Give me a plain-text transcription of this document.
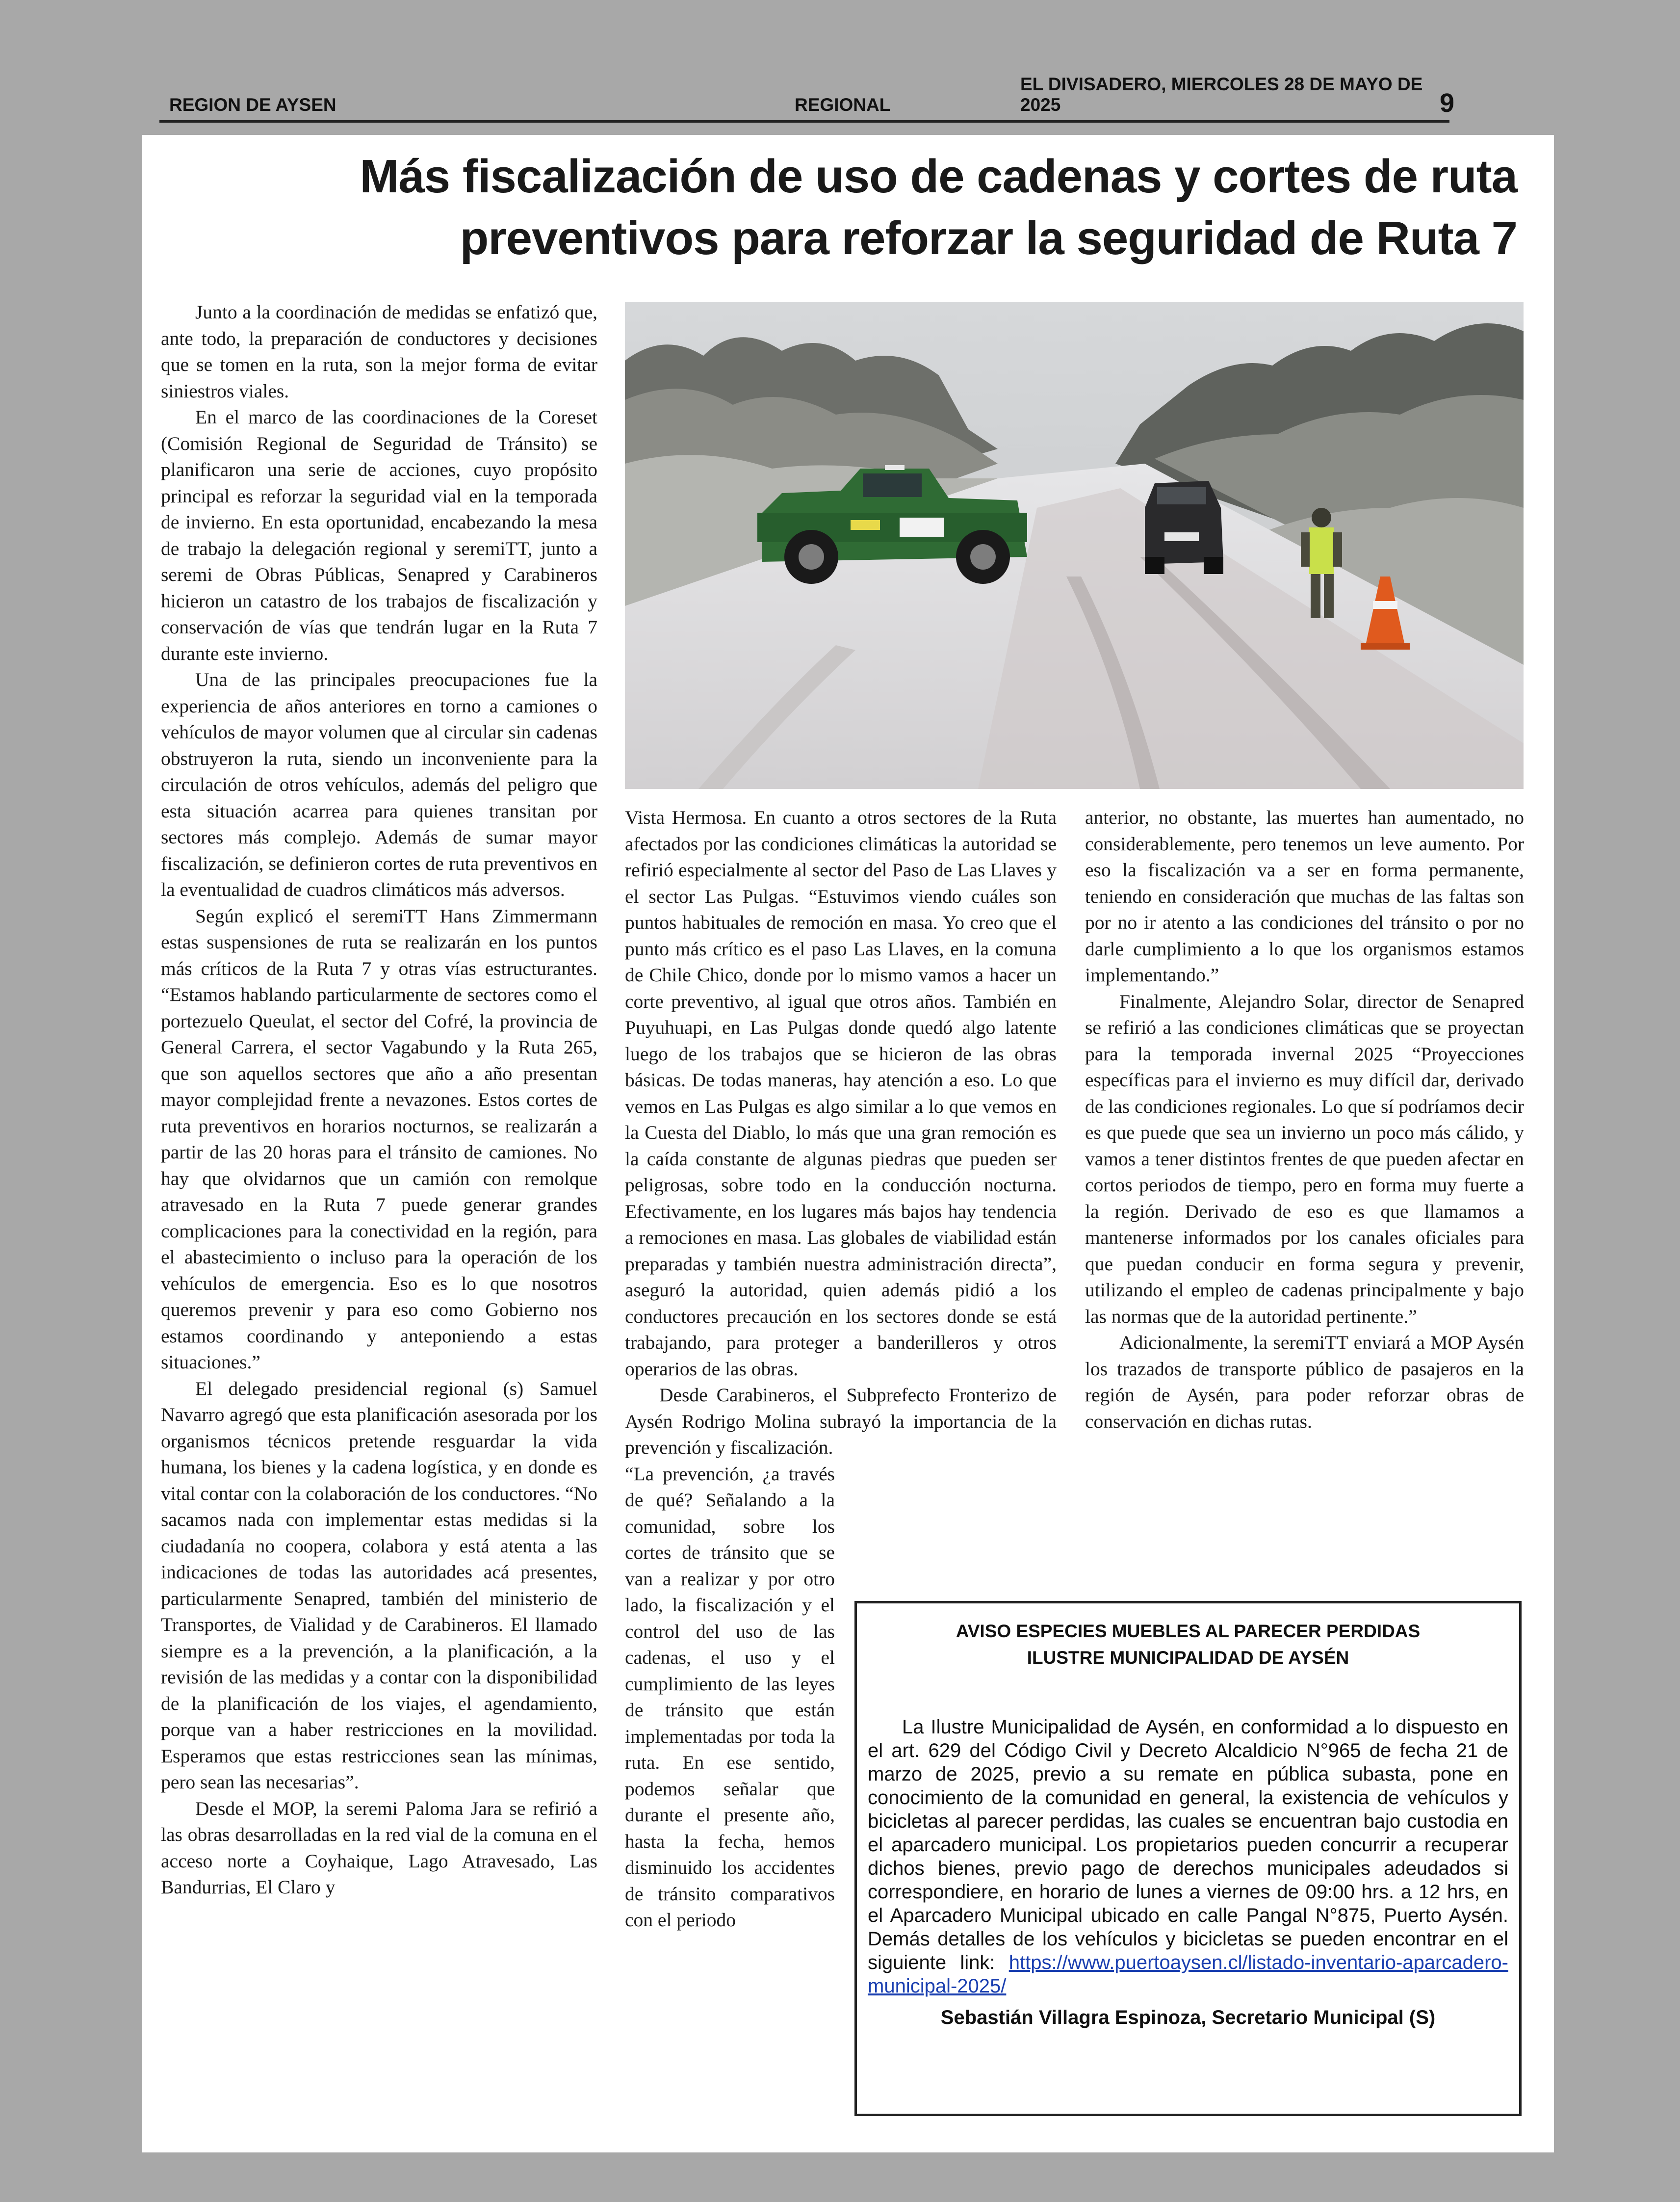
REGION DE AYSEN	REGIONAL
EL DIVISADERO, MIERCOLES 28 DE MAYO DE 2025	9
Más fiscalización de uso de cadenas y cortes de ruta
preventivos para reforzar la seguridad de Ruta 7

Junto a la coordinación de medidas se enfatizó que, ante todo, la preparación de conductores y decisiones que se tomen en la ruta, son la mejor forma de evitar siniestros viales.

En el marco de las coordinaciones de la Coreset (Comisión Regional de Seguridad de Tránsito) se planificaron una serie de acciones, cuyo propósito principal es reforzar la seguridad vial en la temporada de invierno. En esta oportunidad, encabezando la mesa de trabajo la delegación regional y seremiTT, junto a seremi de Obras Públicas, Senapred y Carabineros hicieron un catastro de los trabajos de fiscalización y conservación de vías que tendrán lugar en la Ruta 7 durante este invierno.

Una de las principales preocupaciones fue la experiencia de años anteriores en torno a camiones o vehículos de mayor volumen que al circular sin cadenas obstruyeron la ruta, siendo un inconveniente para la circulación de otros vehículos, además del peligro que esta situación acarrea para quienes transitan por sectores más complejo. Además de sumar mayor fiscalización, se definieron cortes de ruta preventivos en la eventualidad de cuadros climáticos más adversos.

Según explicó el seremiTT Hans Zimmermann estas suspensiones de ruta se realizarán en los puntos más críticos de la Ruta 7 y otras vías estructurantes. “Estamos hablando particularmente de sectores como el portezuelo Queulat, el sector del Cofré, la provincia de General Carrera, el sector Vagabundo y la Ruta 265, que son aquellos sectores que año a año presentan mayor complejidad frente a nevazones. Estos cortes de ruta preventivos en horarios nocturnos, se realizarán a partir de las 20 horas para el tránsito de camiones. No hay que olvidarnos que un camión con remolque atravesado en la Ruta 7 puede generar grandes complicaciones para la conectividad en la región, para el abastecimiento o incluso para la operación de los vehículos de emergencia. Eso es lo que nosotros queremos prevenir y para eso como Gobierno nos estamos coordinando y anteponiendo a estas situaciones.”

El delegado presidencial regional (s) Samuel Navarro agregó que esta planificación asesorada por los organismos técnicos pretende resguardar la vida humana, los bienes y la cadena logística, y en donde es vital contar con la colaboración de los conductores. “No sacamos nada con implementar estas medidas si la ciudadanía no coopera, colabora y está atenta a las indicaciones de todas las autoridades acá presentes, particularmente Senapred, también del ministerio de Transportes, de Vialidad y de Carabineros. El llamado siempre es a la prevención, a la planificación, a la revisión de las medidas y a contar con la disponibilidad de la planificación de los viajes, el agendamiento, porque van a haber restricciones en la movilidad. Esperamos que estas restricciones sean las mínimas, pero sean las necesarias”.

Desde el MOP, la seremi Paloma Jara se refirió a las obras desarrolladas en la red vial de la comuna en el acceso norte a Coyhaique, Lago Atravesado, Las Bandurrias, El Claro y

Vista Hermosa. En cuanto a otros sectores de la Ruta afectados por las condiciones climáticas la autoridad se refirió especialmente al sector del Paso de Las Llaves y el sector Las Pulgas. “Estuvimos viendo cuáles son puntos habituales de remoción en masa. Yo creo que el punto más crítico es el paso Las Llaves, en la comuna de Chile Chico, donde por lo mismo vamos a hacer un corte preventivo, al igual que otros años. También en Puyuhuapi, en Las Pulgas donde quedó algo latente luego de los trabajos que se hicieron de las obras básicas. De todas maneras, hay atención a eso. Lo que vemos en Las Pulgas es algo similar a lo que vemos en la Cuesta del Diablo, lo más que una gran remoción es la caída constante de algunas piedras que pueden ser peligrosas, sobre todo en la conducción nocturna. Efectivamente, en los lugares más bajos hay tendencia a remociones en masa. Las globales de viabilidad están preparadas y también nuestra administración directa”, aseguró la autoridad, quien además pidió a los conductores precaución en los sectores donde se está trabajando, para proteger a banderilleros y otros operarios de las obras.

Desde Carabineros, el Subprefecto Fronterizo de Aysén Rodrigo Molina subrayó la importancia de la prevención y fiscalización.

“La prevención, ¿a través de qué? Señalando a la comunidad, sobre los cortes de tránsito que se van a realizar y por otro lado, la fiscalización y el control del uso de las cadenas, el uso y el cumplimiento de las leyes de tránsito que están implementadas por toda la ruta. En ese sentido, podemos señalar que durante el presente año, hasta la fecha, hemos disminuido los accidentes de tránsito comparativos con el periodo

anterior, no obstante, las muertes han aumentado, no considerablemente, pero tenemos un leve aumento. Por eso la fiscalización va a ser en forma permanente, teniendo en consideración que muchas de las faltas son por no ir atento a las condiciones del tránsito o por no darle cumplimiento a lo que los organismos estamos implementando.”

Finalmente, Alejandro Solar, director de Senapred se refirió a las condiciones climáticas que se proyectan para la temporada invernal 2025 “Proyecciones específicas para el invierno es muy difícil dar, derivado de las condiciones regionales. Lo que sí podríamos decir es que puede que sea un invierno un poco más cálido, y vamos a tener distintos frentes de que pueden afectar en cortos periodos de tiempo, pero en forma muy fuerte a la región. Derivado de eso es que llamamos a mantenerse informados por los canales oficiales para que puedan conducir en forma segura y prevenir, utilizando el empleo de cadenas principalmente y bajo las normas que de la autoridad pertinente.”

Adicionalmente, la seremiTT enviará a MOP Aysén los trazados de transporte público de pasajeros en la región de Aysén, para poder reforzar obras de conservación en dichas rutas.

AVISO ESPECIES MUEBLES AL PARECER PERDIDAS
ILUSTRE MUNICIPALIDAD DE AYSÉN
La Ilustre Municipalidad de Aysén, en conformidad a lo dispuesto en el art. 629 del Código Civil y Decreto Alcaldicio N°965 de fecha 21 de marzo de 2025, previo a su remate en pública subasta, pone en conocimiento de la comunidad en general, la existencia de vehículos y bicicletas al parecer perdidas, las cuales se encuentran bajo custodia en el aparcadero municipal. Los propietarios pueden concurrir a recuperar dichos bienes, previo pago de derechos municipales adeudados si correspondiere, en horario de lunes a viernes de 09:00 hrs. a 12 hrs, en el Aparcadero Municipal ubicado en calle Pangal N°875, Puerto Aysén. Demás detalles de los vehículos y bicicletas se pueden encontrar en el siguiente link: https://www.puertoaysen.cl/listado-inventario-aparcadero-municipal-2025/
Sebastián Villagra Espinoza, Secretario Municipal (S)
